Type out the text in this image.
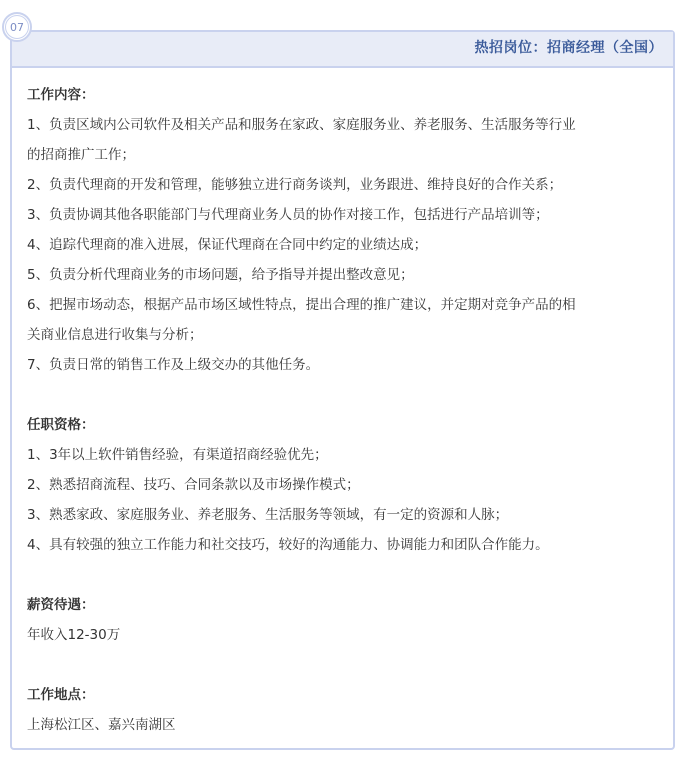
热招岗位：招商经理（全国）
07
工作内容：

1、负责区域内公司软件及相关产品和服务在家政、家庭服务业、养老服务、生活服务等行业

的招商推广工作；

2、负责代理商的开发和管理，能够独立进行商务谈判，业务跟进、维持良好的合作关系；

3、负责协调其他各职能部门与代理商业务人员的协作对接工作，包括进行产品培训等；

4、追踪代理商的准入进展，保证代理商在合同中约定的业绩达成；

5、负责分析代理商业务的市场问题，给予指导并提出整改意见；

6、把握市场动态，根据产品市场区域性特点，提出合理的推广建议，并定期对竞争产品的相

关商业信息进行收集与分析；

7、负责日常的销售工作及上级交办的其他任务。

任职资格：

1、3年以上软件销售经验，有渠道招商经验优先；

2、熟悉招商流程、技巧、合同条款以及市场操作模式；

3、熟悉家政、家庭服务业、养老服务、生活服务等领域，有一定的资源和人脉；

4、具有较强的独立工作能力和社交技巧，较好的沟通能力、协调能力和团队合作能力。

薪资待遇：

年收入12-30万

工作地点：

上海松江区、嘉兴南湖区
